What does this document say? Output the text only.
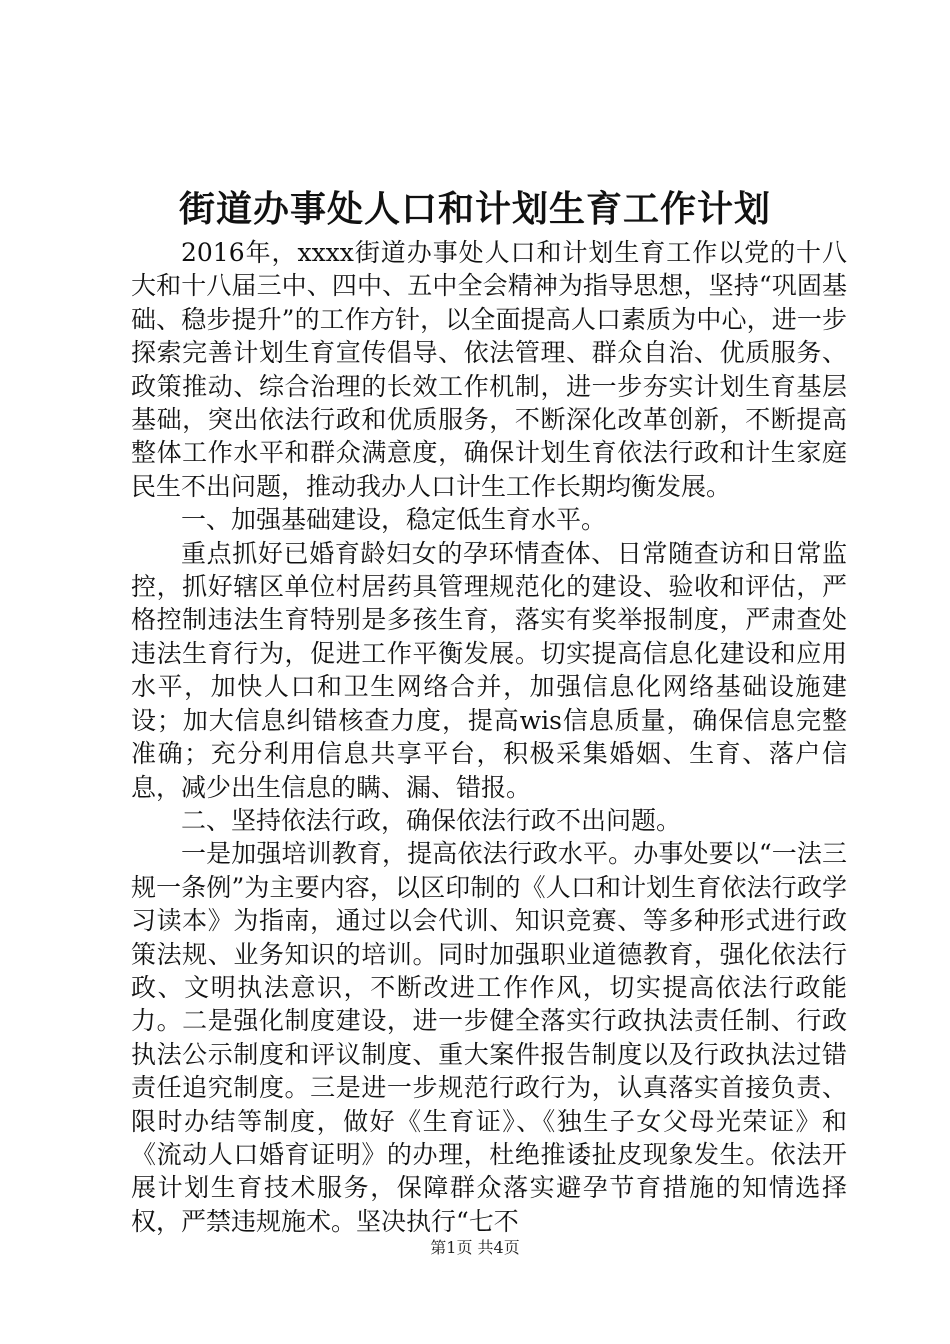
街道办事处人口和计划生育工作计划

2016年，xxxx街道办事处人口和计划生育工作以党的十八大和十八届三中、四中、五中全会精神为指导思想，坚持“巩固基础、稳步提升”的工作方针，以全面提高人口素质为中心，进一步探索完善计划生育宣传倡导、依法管理、群众自治、优质服务、政策推动、综合治理的长效工作机制，进一步夯实计划生育基层基础，突出依法行政和优质服务，不断深化改革创新，不断提高整体工作水平和群众满意度，确保计划生育依法行政和计生家庭民生不出问题，推动我办人口计生工作长期均衡发展。

一、加强基础建设，稳定低生育水平。

重点抓好已婚育龄妇女的孕环情查体、日常随查访和日常监控，抓好辖区单位村居药具管理规范化的建设、验收和评估，严格控制违法生育特别是多孩生育，落实有奖举报制度，严肃查处违法生育行为，促进工作平衡发展。切实提高信息化建设和应用水平，加快人口和卫生网络合并，加强信息化网络基础设施建设；加大信息纠错核查力度，提高wis信息质量，确保信息完整准确；充分利用信息共享平台，积极采集婚姻、生育、落户信息，减少出生信息的瞒、漏、错报。

二、坚持依法行政，确保依法行政不出问题。

一是加强培训教育，提高依法行政水平。办事处要以“一法三规一条例”为主要内容，以区印制的《人口和计划生育依法行政学习读本》为指南，通过以会代训、知识竞赛、等多种形式进行政策法规、业务知识的培训。同时加强职业道德教育，强化依法行政、文明执法意识，不断改进工作作风，切实提高依法行政能力。二是强化制度建设，进一步健全落实行政执法责任制、行政执法公示制度和评议制度、重大案件报告制度以及行政执法过错责任追究制度。三是进一步规范行政行为，认真落实首接负责、限时办结等制度，做好《生育证》、《独生子女父母光荣证》和《流动人口婚育证明》的办理，杜绝推诿扯皮现象发生。依法开展计划生育技术服务，保障群众落实避孕节育措施的知情选择权，严禁违规施术。坚决执行“七不

第1页 共4页
